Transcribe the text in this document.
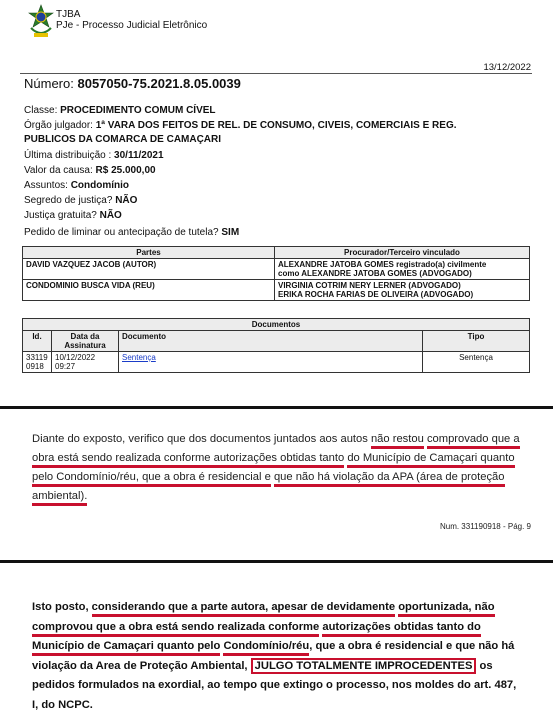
TJBA
PJe - Processo Judicial Eletrônico
13/12/2022
Número: 8057050-75.2021.8.05.0039
Classe: PROCEDIMENTO COMUM CÍVEL
Órgão julgador: 1ª VARA DOS FEITOS DE REL. DE CONSUMO, CIVEIS, COMERCIAIS E REG.
PUBLICOS DA COMARCA DE CAMAÇARI
Última distribuição : 30/11/2021
Valor da causa: R$ 25.000,00
Assuntos: Condomínio
Segredo de justiça? NÃO
Justiça gratuita? NÃO
Pedido de liminar ou antecipação de tutela? SIM
Partes	Procurador/Terceiro vinculado
DAVID VAZQUEZ JACOB (AUTOR)	ALEXANDRE JATOBA GOMES registrado(a) civilmente
como ALEXANDRE JATOBA GOMES (ADVOGADO)

CONDOMINIO BUSCA VIDA (REU)	VIRGINIA COTRIM NERY LERNER (ADVOGADO)
ERIKA ROCHA FARIAS DE OLIVEIRA (ADVOGADO)
Documentos			
Id.	Data da Assinatura	Documento	Tipo
33119 0918	10/12/2022 09:27	Sentença	Sentença
Diante do exposto, verifico que dos documentos juntados aos autos não restou comprovado que a obra está sendo realizada conforme autorizações obtidas tanto do Município de Camaçari quanto pelo Condomínio/réu, que a obra é residencial e que não há violação da APA (área de proteção ambiental).
Num. 331190918 - Pág. 9
Isto posto, considerando que a parte autora, apesar de devidamente oportunizada, não comprovou que a obra está sendo realizada conforme autorizações obtidas tanto do Município de Camaçari quanto pelo Condomínio/réu, que a obra é residencial e que não há violação da Area de Proteção Ambiental, JULGO TOTALMENTE IMPROCEDENTES os pedidos formulados na exordial, ao tempo que extingo o processo, nos moldes do art. 487, I, do NCPC.
